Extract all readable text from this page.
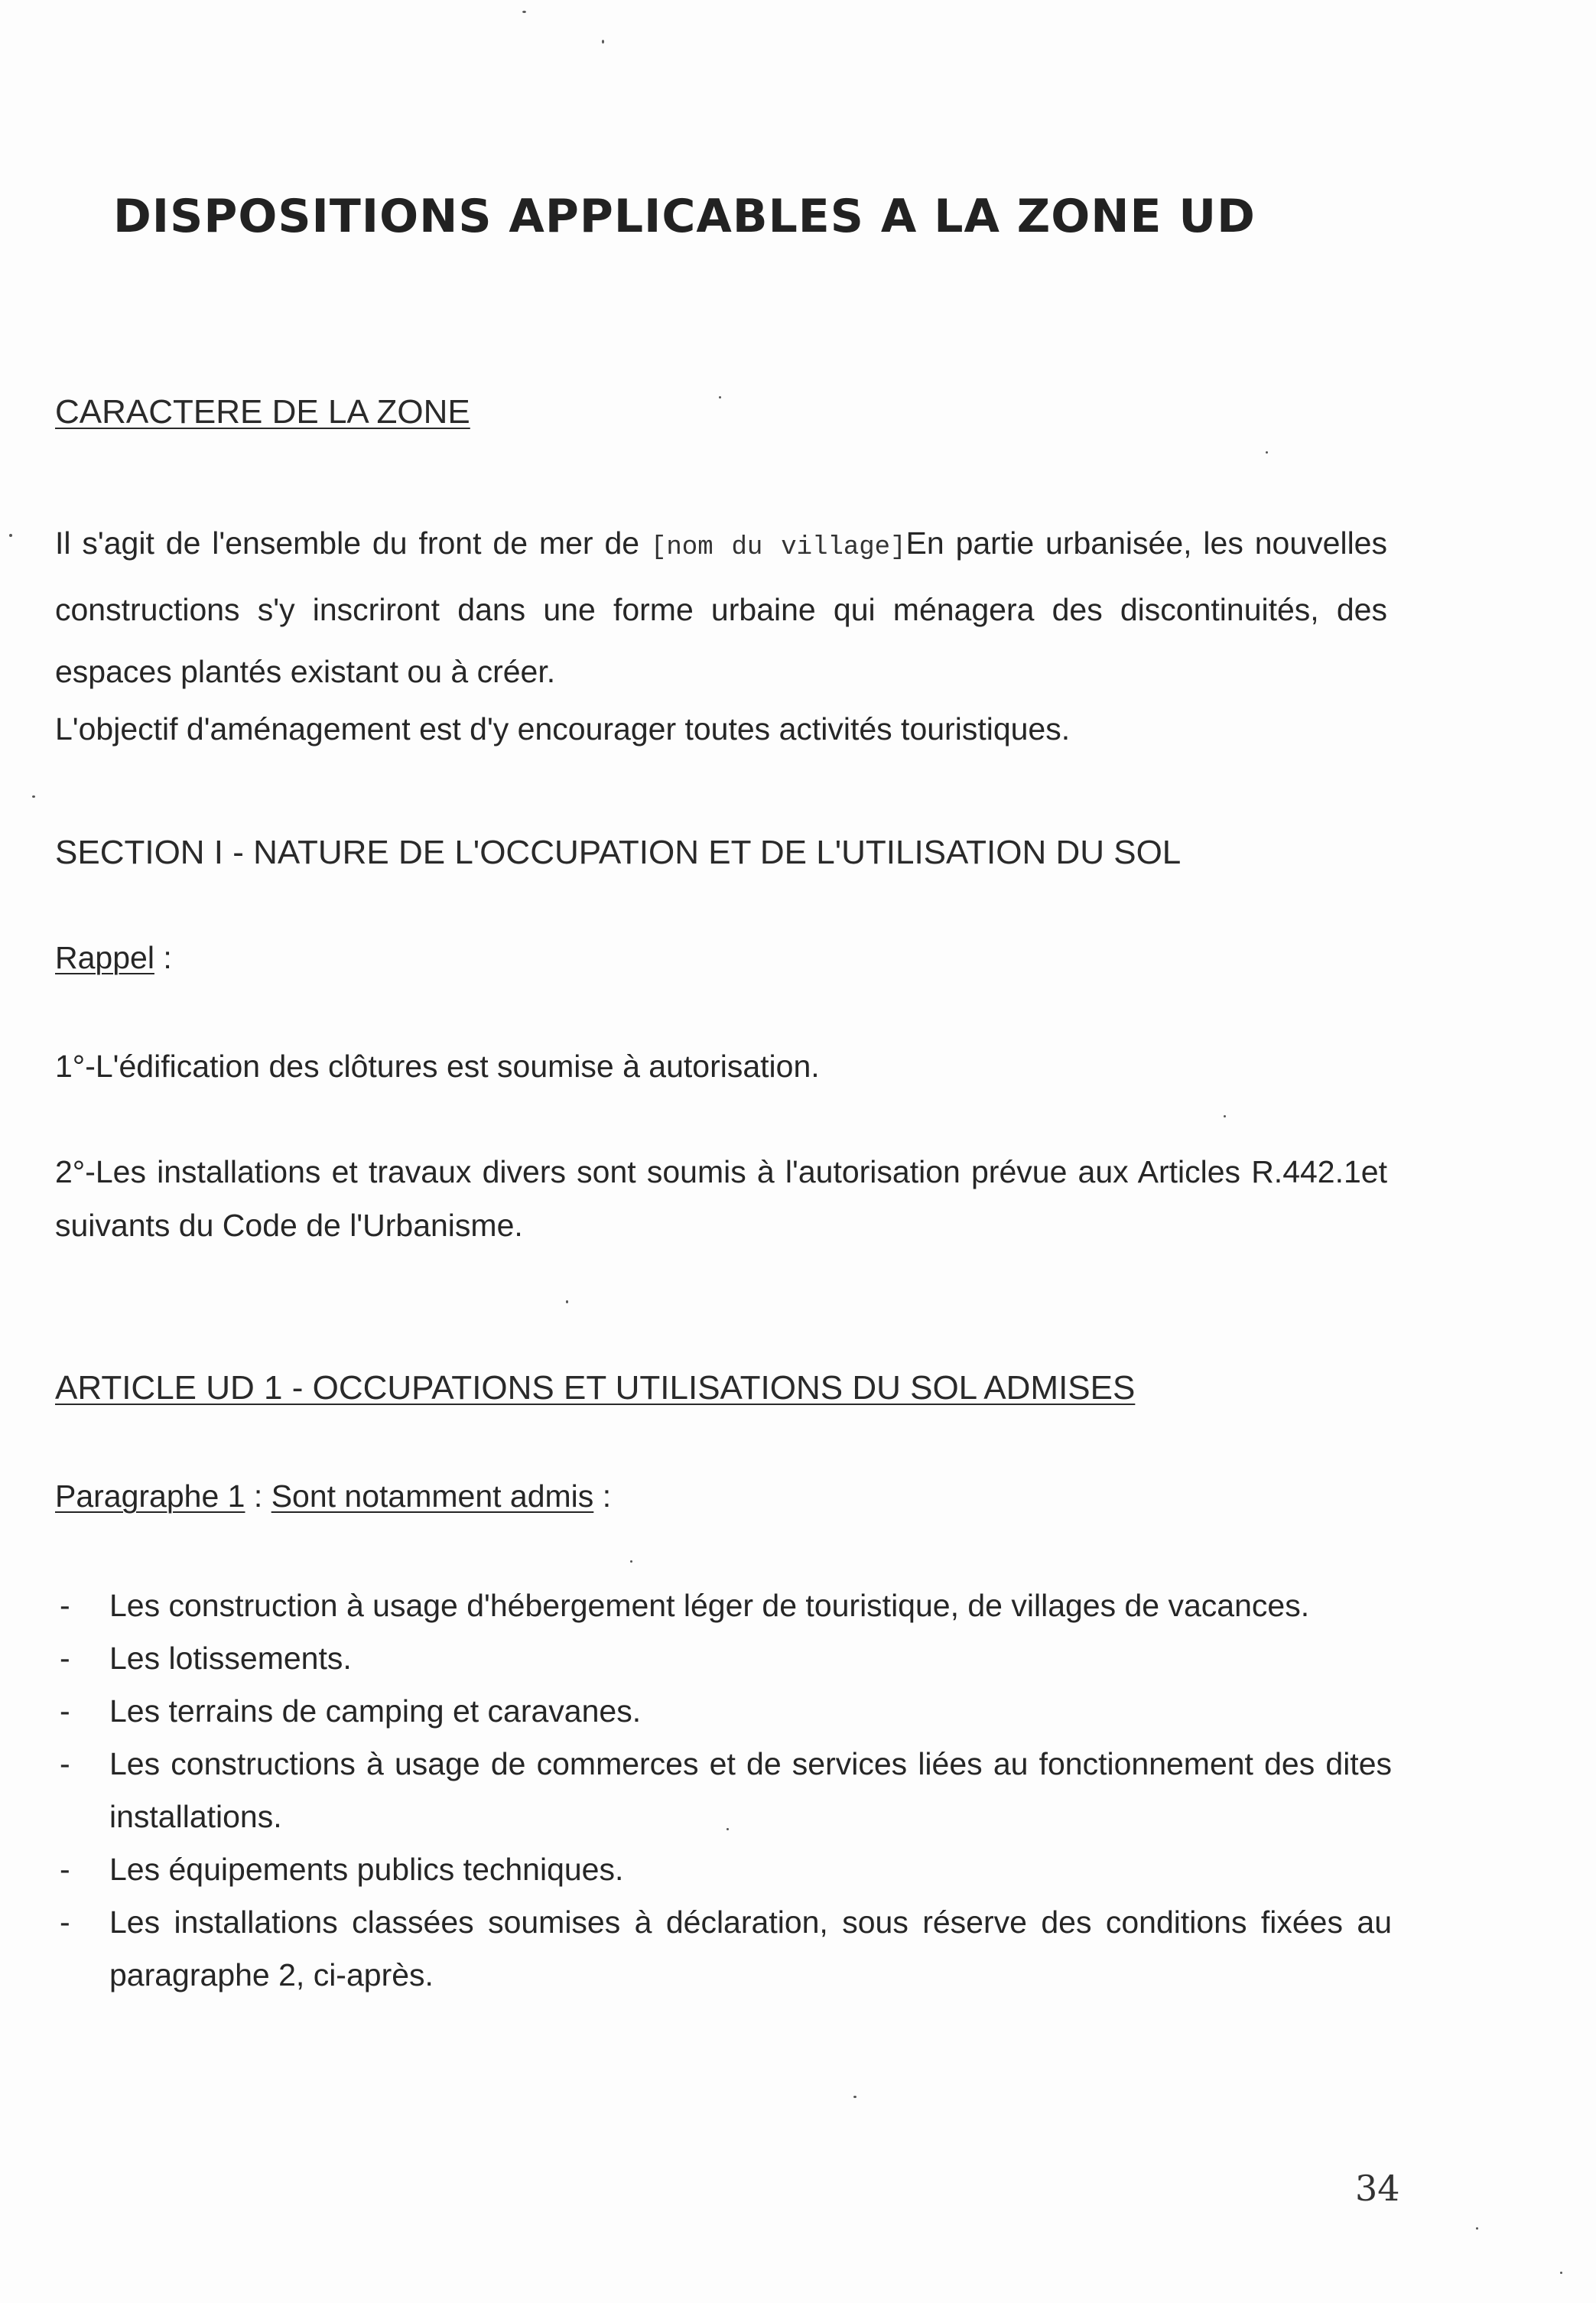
DISPOSITIONS APPLICABLES A LA ZONE UD
CARACTERE DE LA ZONE

Il s'agit de l'ensemble du front de mer de [nom du village]En partie urbanisée, les nouvelles constructions s'y inscriront dans une forme urbaine qui ménagera des discontinuités, des espaces plantés existant ou à créer.

L'objectif d'aménagement est d'y encourager toutes activités touristiques.

SECTION I - NATURE DE L'OCCUPATION ET DE L'UTILISATION DU SOL

Rappel :

1°-L'édification des clôtures est soumise à autorisation.

2°-Les installations et travaux divers sont soumis à l'autorisation prévue aux Articles R.442.1et suivants du Code de l'Urbanisme.

ARTICLE UD 1 - OCCUPATIONS ET UTILISATIONS DU SOL ADMISES

Paragraphe 1 : Sont notamment admis :

- Les construction à usage d'hébergement léger de touristique, de villages de vacances.
- Les lotissements.
- Les terrains de camping et caravanes.
- Les constructions à usage de commerces et de services liées au fonctionnement des dites installations.
- Les équipements publics techniques.
- Les installations classées soumises à déclaration, sous réserve des conditions fixées au paragraphe 2, ci-après.
34
